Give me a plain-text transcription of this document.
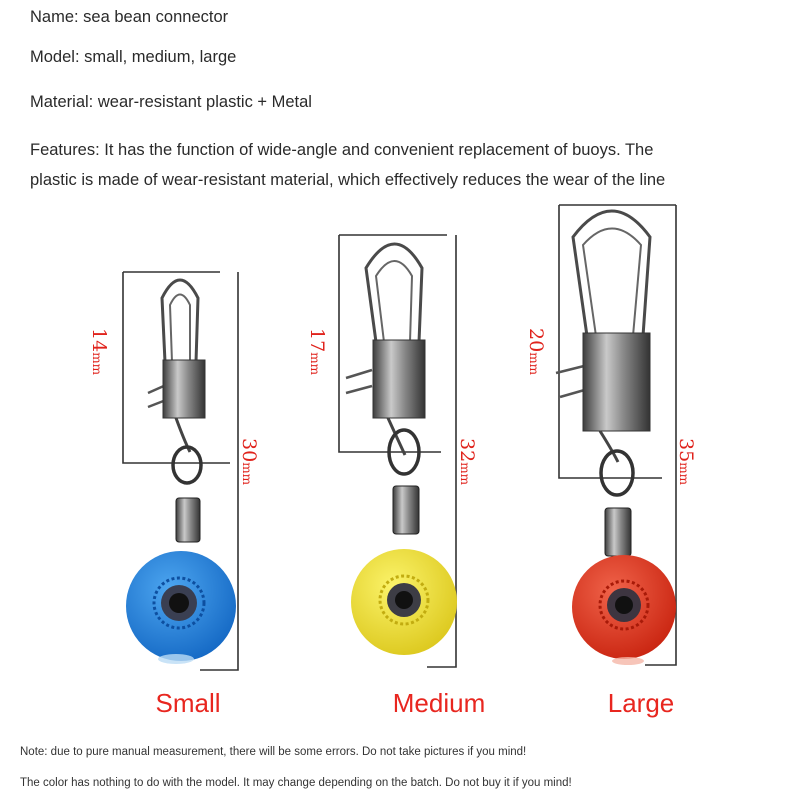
Name: sea bean connector
Model: small, medium, large
Material: wear-resistant plastic + Metal
Features: It has the function of wide-angle and convenient replacement of buoys. The
plastic is made of wear-resistant material, which effectively reduces the wear of the line
14mm
30mm
17mm
32mm
20mm
35mm
Small	Medium	Large
Note: due to pure manual measurement, there will be some errors. Do not take pictures if you mind!
The color has nothing to do with the model. It may change depending on the batch. Do not buy it if you mind!
